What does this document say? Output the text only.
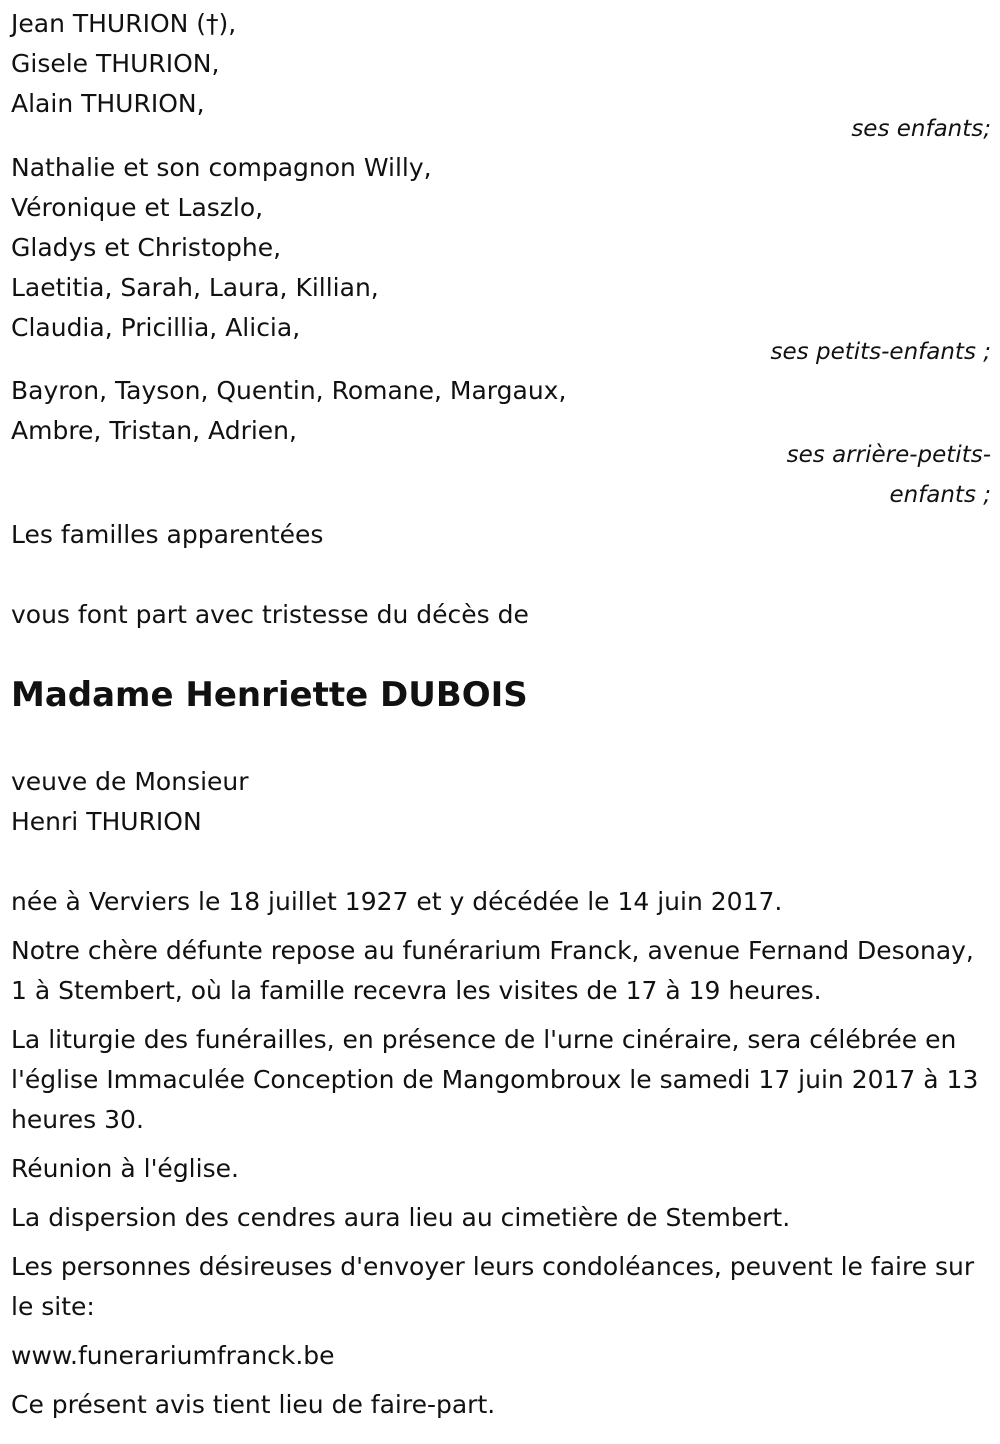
Jean THURION (†),
Gisele THURION,
Alain THURION,
ses enfants;
Nathalie et son compagnon Willy,
Véronique et Laszlo,
Gladys et Christophe,
Laetitia, Sarah, Laura, Killian,
Claudia, Pricillia, Alicia,
ses petits-enfants ;
Bayron, Tayson, Quentin, Romane, Margaux,
Ambre, Tristan, Adrien,
ses arrière-petits-
enfants ;
Les familles apparentées
vous font part avec tristesse du décès de
Madame Henriette DUBOIS
veuve de Monsieur
Henri THURION
née à Verviers le 18 juillet 1927 et y décédée le 14 juin 2017.
Notre chère défunte repose au funérarium Franck, avenue Fernand Desonay, 1 à Stembert, où la famille recevra les visites de 17 à 19 heures.
La liturgie des funérailles, en présence de l'urne cinéraire, sera célébrée en l'église Immaculée Conception de Mangombroux le samedi 17 juin 2017 à 13 heures 30.
Réunion à l'église.
La dispersion des cendres aura lieu au cimetière de Stembert.
Les personnes désireuses d'envoyer leurs condoléances, peuvent le faire sur le site:
www.funerariumfranck.be
Ce présent avis tient lieu de faire-part.
